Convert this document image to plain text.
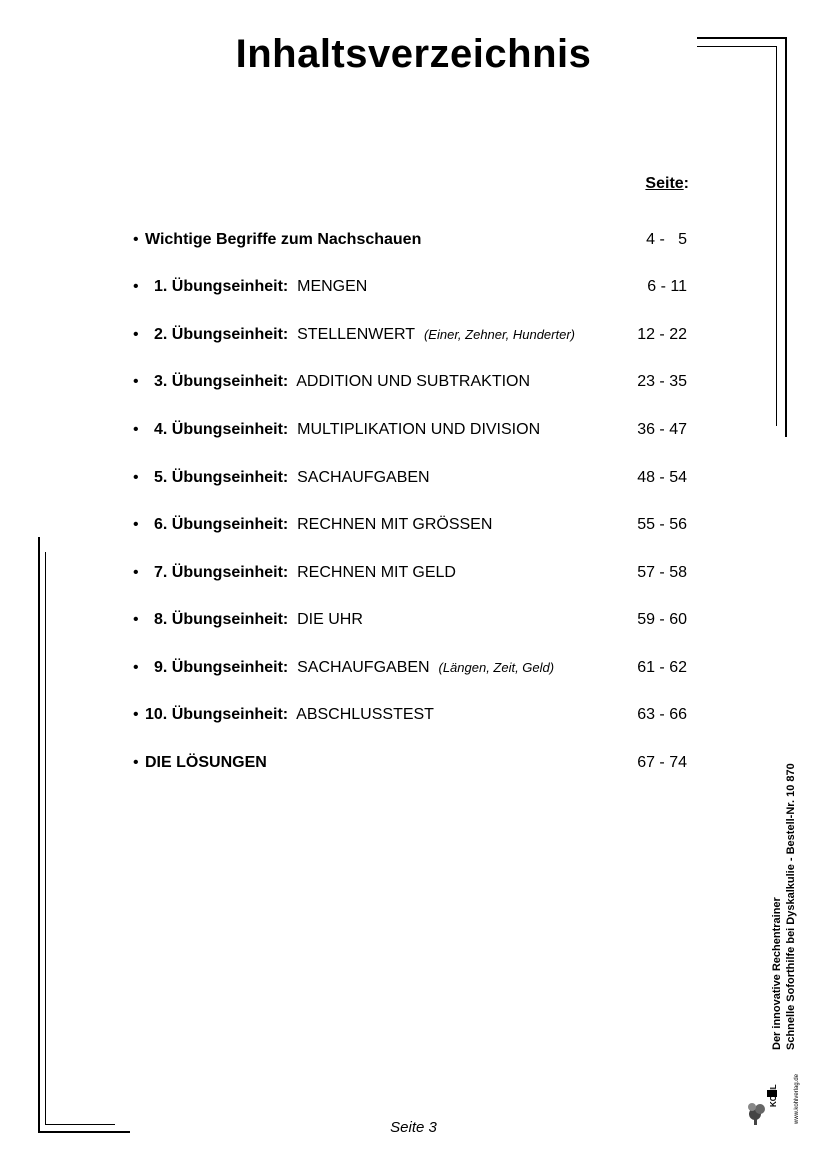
Inhaltsverzeichnis
Seite:
• Wichtige Begriffe zum Nachschauen	4 -   5
• 1. Übungseinheit: MENGEN	6 - 11
• 2. Übungseinheit: STELLENWERT (Einer, Zehner, Hunderter)	12 - 22
• 3. Übungseinheit: ADDITION UND SUBTRAKTION	23 - 35
• 4. Übungseinheit: MULTIPLIKATION UND DIVISION	36 - 47
• 5. Übungseinheit: SACHAUFGABEN	48 - 54
• 6. Übungseinheit: RECHNEN MIT GRÖSSEN	55 - 56
• 7. Übungseinheit: RECHNEN MIT GELD	57 - 58
• 8. Übungseinheit: DIE UHR	59 - 60
• 9. Übungseinheit: SACHAUFGABEN (Längen, Zeit, Geld)	61 - 62
• 10. Übungseinheit: ABSCHLUSSTEST	63 - 66
• DIE LÖSUNGEN	67 - 74
Der innovative Rechentrainer Schnelle Soforthilfe bei Dyskalkulie - Bestell-Nr. 10 870
KOHL	www.kohlverlag.de
Seite 3
